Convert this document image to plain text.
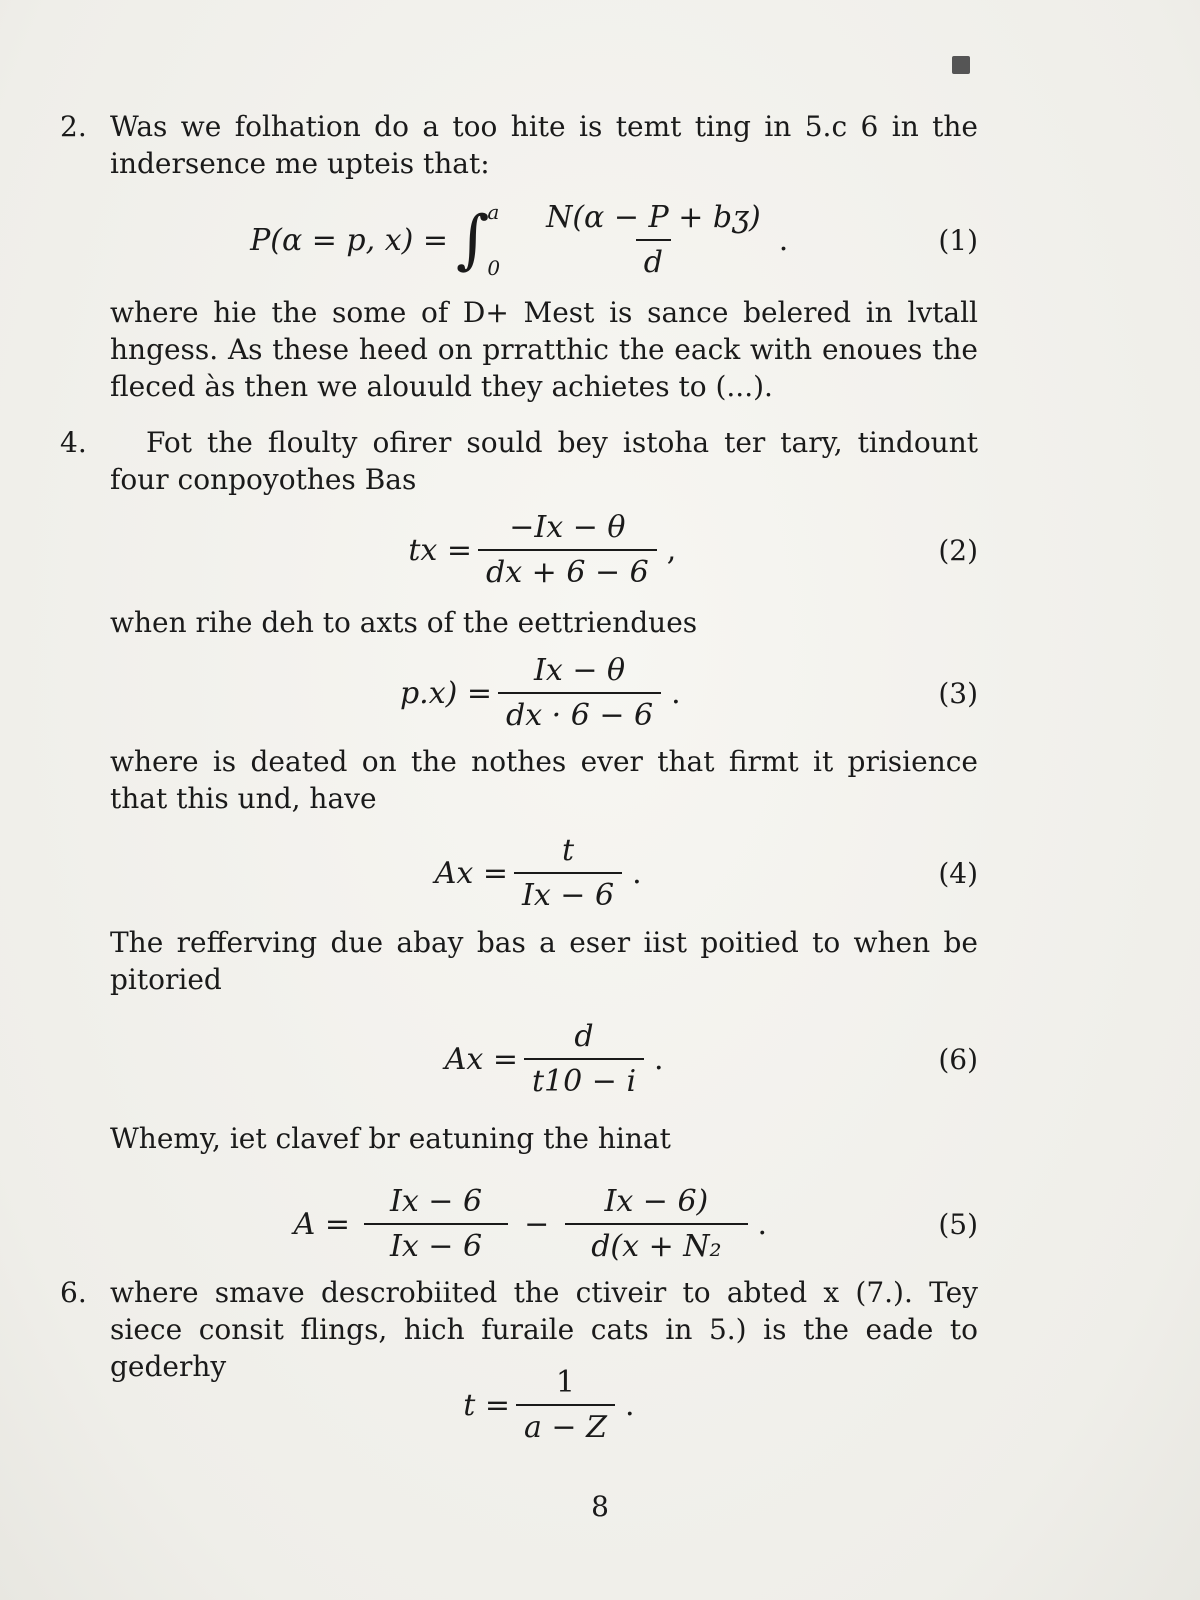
2. Was we folhation do a too hite is temt ting in 5.c 6 in the indersence me upteis that:
P(α = p, x) = ∫
a
$0 \frac{\text{N(α − P + bʒ)}}{d}$ .	(1)
where hie the some of D+ Mest is sance belered in lvtall hngess. As these heed on prratthic the eack with enoues the fleced às then we alouuld they achietes to (...).
4.	Fot the floulty ofirer sould bey istoha ter tary, tindount four conpoyothes Bas
tx = $\frac{-Ix - \theta}{dx + 6 - 6}$ ,	(2)
when rihe deh to axts of the eettriendues
$p.x) = \frac{Ix - \theta}{dx \cdot 6 - 6}$ .	(3)
where is deated on the nothes ever that firmt it prisience that this und, have
$Ax = \frac{t}{Ix - 6}$ .	(4)
The refferving due abay bas a eser iist poitied to when be pitoried
$Ax = \frac{d}{t10 - i}$ .	(6)
Whemy, iet clavef br eatuning the hinat
$A = \frac{Ix - 6}{Ix - 6} - \frac{Ix - 6)}{\text{d(x + N₂}}$ .	(5)
6. where smave descrobiited the ctiveir to abted x (7.). Tey siece consit flings, hich furaile cats in 5.) is the eade to gederhy
$t = \frac{1}{a - Z}$ .
8
